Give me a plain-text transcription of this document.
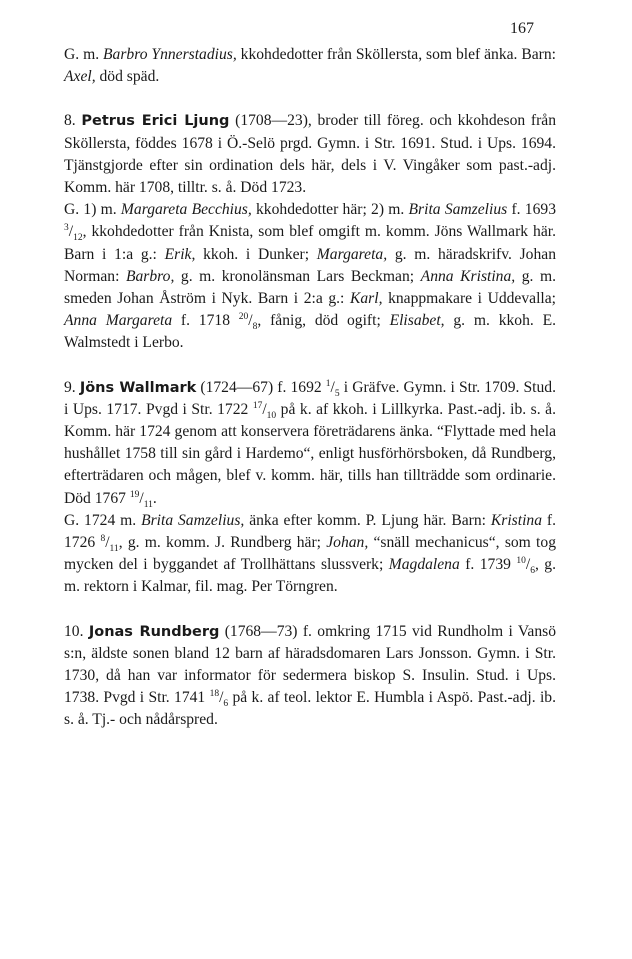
167

G. m. Barbro Ynnerstadius, kkohdedotter från Sköllersta, som blef änka. Barn: Axel, död späd.

8. Petrus Erici Ljung (1708—23), broder till föreg. och kkohdeson från Sköllersta, föddes 1678 i Ö.-Selö prgd. Gymn. i Str. 1691. Stud. i Ups. 1694. Tjänstgjorde efter sin ordination dels här, dels i V. Vingåker som past.-adj. Komm. här 1708, tilltr. s. å. Död 1723.

G. 1) m. Margareta Becchius, kkohdedotter här; 2) m. Brita Samzelius f. 1693 $^3/_{12}$, kkohdedotter från Knista, som blef omgift m. komm. Jöns Wallmark här. Barn i 1:a g.: Erik, kkoh. i Dunker; Margareta, g. m. häradskrifv. Johan Norman: Barbro, g. m. kronolänsman Lars Beckman; Anna Kristina, g. m. smeden Johan Åström i Nyk. Barn i 2:a g.: Karl, knappmakare i Uddevalla; Anna Margareta f. 1718 $^{20}/_8$, fånig, död ogift; Elisabet, g. m. kkoh. E. Walmstedt i Lerbo.

9. Jöns Wallmark (1724—67) f. 1692 $^1/_5$ i Gräfve. Gymn. i Str. 1709. Stud. i Ups. 1717. Pvgd i Str. 1722 $^{17}/_{10}$ på k. af kkoh. i Lillkyrka. Past.-adj. ib. s. å. Komm. här 1724 genom att konservera företrädarens änka. “Flyttade med hela hushållet 1758 till sin gård i Hardemo“, enligt husförhörsboken, då Rundberg, efterträdaren och mågen, blef v. komm. här, tills han tillträdde som ordinarie. Död 1767 $^{19}/_{11}$.

G. 1724 m. Brita Samzelius, änka efter komm. P. Ljung här. Barn: Kristina f. 1726 $^8/_{11}$, g. m. komm. J. Rundberg här; Johan, “snäll mechanicus“, som tog mycken del i byggandet af Trollhättans slussverk; Magdalena f. 1739 $^{10}/_6$, g. m. rektorn i Kalmar, fil. mag. Per Törngren.

10. Jonas Rundberg (1768—73) f. omkring 1715 vid Rundholm i Vansö s:n, äldste sonen bland 12 barn af häradsdomaren Lars Jonsson. Gymn. i Str. 1730, då han var informator för sedermera biskop S. Insulin. Stud. i Ups. 1738. Pvgd i Str. 1741 $^{18}/_6$ på k. af teol. lektor E. Humbla i Aspö. Past.-adj. ib. s. å. Tj.- och nådårspred.
